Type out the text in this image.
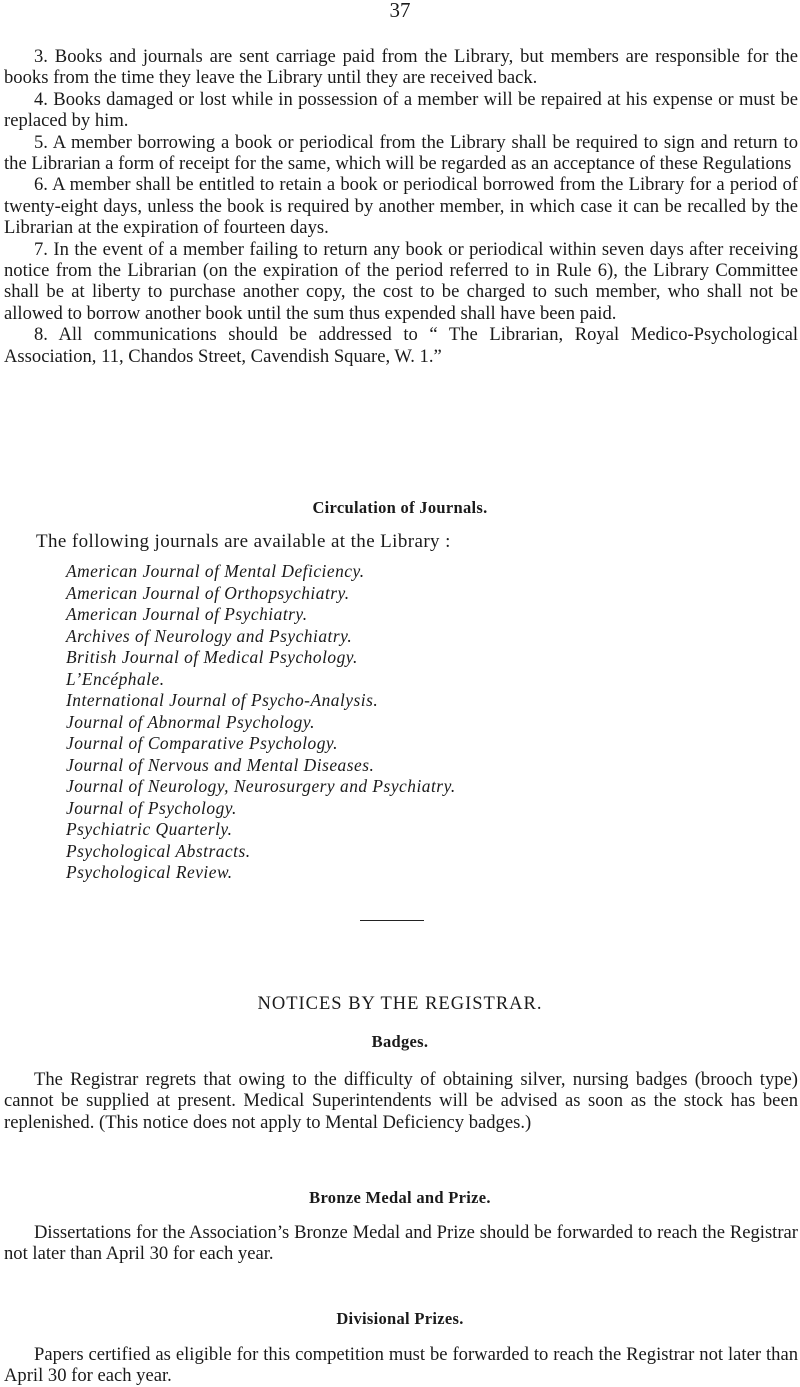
37

3. Books and journals are sent carriage paid from the Library, but members are responsible for the books from the time they leave the Library until they are received back.

4. Books damaged or lost while in possession of a member will be repaired at his expense or must be replaced by him.

5. A member borrowing a book or periodical from the Library shall be required to sign and return to the Librarian a form of receipt for the same, which will be regarded as an acceptance of these Regulations

6. A member shall be entitled to retain a book or periodical borrowed from the Library for a period of twenty-eight days, unless the book is required by another member, in which case it can be recalled by the Librarian at the expiration of fourteen days.

7. In the event of a member failing to return any book or periodical within seven days after receiving notice from the Librarian (on the expiration of the period referred to in Rule 6), the Library Committee shall be at liberty to purchase another copy, the cost to be charged to such member, who shall not be allowed to borrow another book until the sum thus expended shall have been paid.

8. All communications should be addressed to “ The Librarian, Royal Medico-Psychological Association, 11, Chandos Street, Cavendish Square, W. 1.”

Circulation of Journals.
The following journals are available at the Library :
American Journal of Mental Deficiency.
American Journal of Orthopsychiatry.
American Journal of Psychiatry.
Archives of Neurology and Psychiatry.
British Journal of Medical Psychology.
L’Encéphale.
International Journal of Psycho-Analysis.
Journal of Abnormal Psychology.
Journal of Comparative Psychology.
Journal of Nervous and Mental Diseases.
Journal of Neurology, Neurosurgery and Psychiatry.
Journal of Psychology.
Psychiatric Quarterly.
Psychological Abstracts.
Psychological Review.
NOTICES BY THE REGISTRAR.
Badges.

The Registrar regrets that owing to the difficulty of obtaining silver, nursing badges (brooch type) cannot be supplied at present. Medical Superintendents will be advised as soon as the stock has been replenished. (This notice does not apply to Mental Deficiency badges.)

Bronze Medal and Prize.

Dissertations for the Association’s Bronze Medal and Prize should be forwarded to reach the Registrar not later than April 30 for each year.

Divisional Prizes.

Papers certified as eligible for this competition must be forwarded to reach the Registrar not later than April 30 for each year.
